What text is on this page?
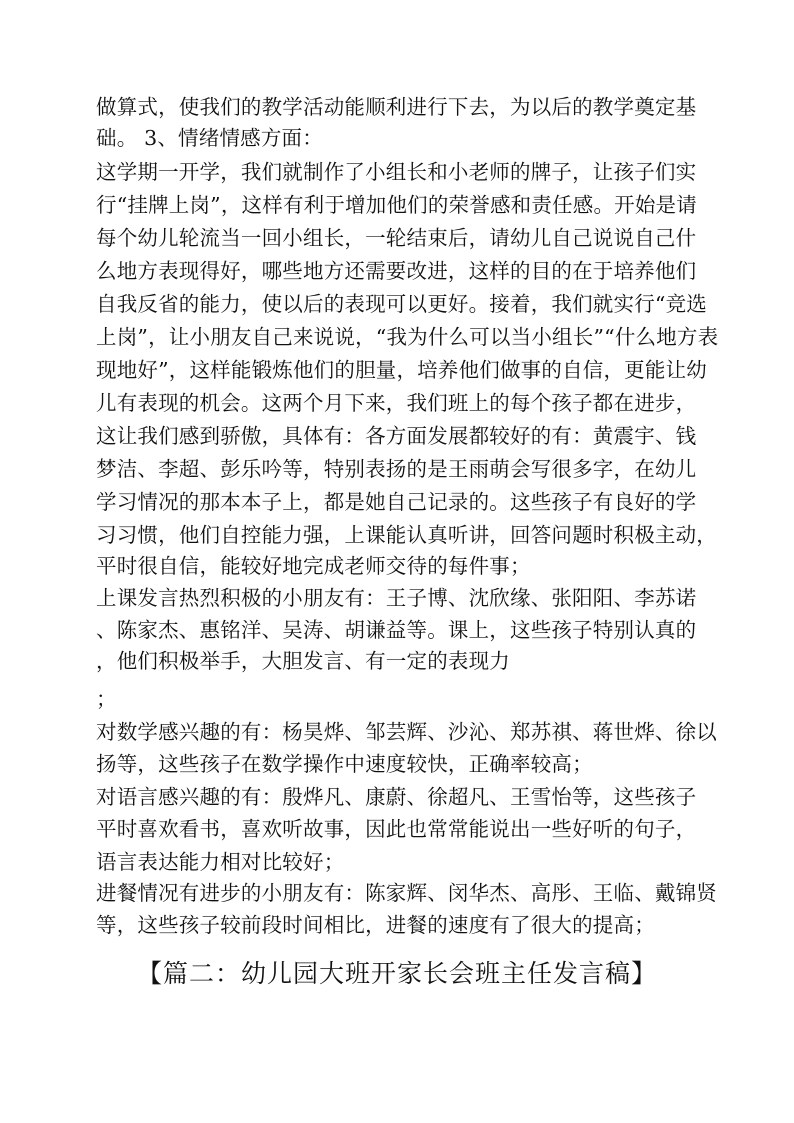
做算式，使我们的教学活动能顺利进行下去，为以后的教学奠定基
础。 3、情绪情感方面：
这学期一开学，我们就制作了小组长和小老师的牌子，让孩子们实
行“挂牌上岗”，这样有利于增加他们的荣誉感和责任感。开始是请
每个幼儿轮流当一回小组长，一轮结束后，请幼儿自己说说自己什
么地方表现得好，哪些地方还需要改进，这样的目的在于培养他们
自我反省的能力，使以后的表现可以更好。接着，我们就实行“竞选
上岗”，让小朋友自己来说说，“我为什么可以当小组长”“什么地方表
现地好”，这样能锻炼他们的胆量，培养他们做事的自信，更能让幼
儿有表现的机会。这两个月下来，我们班上的每个孩子都在进步，
这让我们感到骄傲，具体有：各方面发展都较好的有：黄震宇、钱
梦洁、李超、彭乐吟等，特别表扬的是王雨萌会写很多字，在幼儿
学习情况的那本本子上，都是她自己记录的。这些孩子有良好的学
习习惯，他们自控能力强，上课能认真听讲，回答问题时积极主动，
平时很自信，能较好地完成老师交待的每件事；
上课发言热烈积极的小朋友有：王子博、沈欣缘、张阳阳、李苏诺
、陈家杰、惠铭洋、吴涛、胡谦益等。课上，这些孩子特别认真的
，他们积极举手，大胆发言、有一定的表现力
；
对数学感兴趣的有：杨昊烨、邹芸辉、沙沁、郑苏祺、蒋世烨、徐以
扬等，这些孩子在数学操作中速度较快，正确率较高；
对语言感兴趣的有：殷烨凡、康蔚、徐超凡、王雪怡等，这些孩子
平时喜欢看书，喜欢听故事，因此也常常能说出一些好听的句子，
语言表达能力相对比较好；
进餐情况有进步的小朋友有：陈家辉、闵华杰、高彤、王临、戴锦贤
等，这些孩子较前段时间相比，进餐的速度有了很大的提高；
【篇二：幼儿园大班开家长会班主任发言稿】
